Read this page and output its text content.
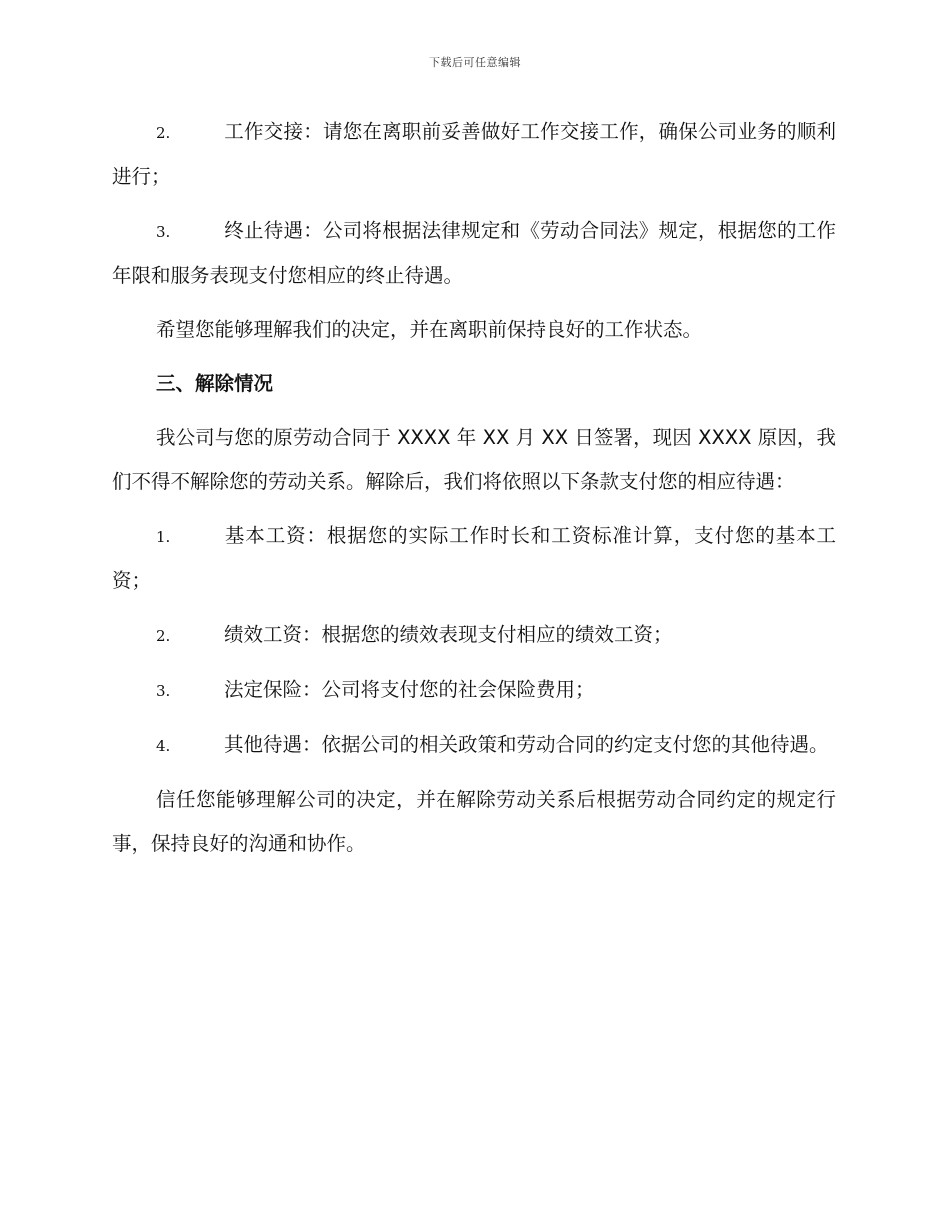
下载后可任意编辑

2.	工作交接：请您在离职前妥善做好工作交接工作，确保公司业务的顺利进行；

3.	终止待遇：公司将根据法律规定和《劳动合同法》规定，根据您的工作年限和服务表现支付您相应的终止待遇。

希望您能够理解我们的决定，并在离职前保持良好的工作状态。

三、解除情况

我公司与您的原劳动合同于 XXXX 年 XX 月 XX 日签署，现因 XXXX 原因，我们不得不解除您的劳动关系。解除后，我们将依照以下条款支付您的相应待遇：

1.	基本工资：根据您的实际工作时长和工资标准计算，支付您的基本工资；

2.	绩效工资：根据您的绩效表现支付相应的绩效工资；

3.	法定保险：公司将支付您的社会保险费用；

4.	其他待遇：依据公司的相关政策和劳动合同的约定支付您的其他待遇。

信任您能够理解公司的决定，并在解除劳动关系后根据劳动合同约定的规定行事，保持良好的沟通和协作。
